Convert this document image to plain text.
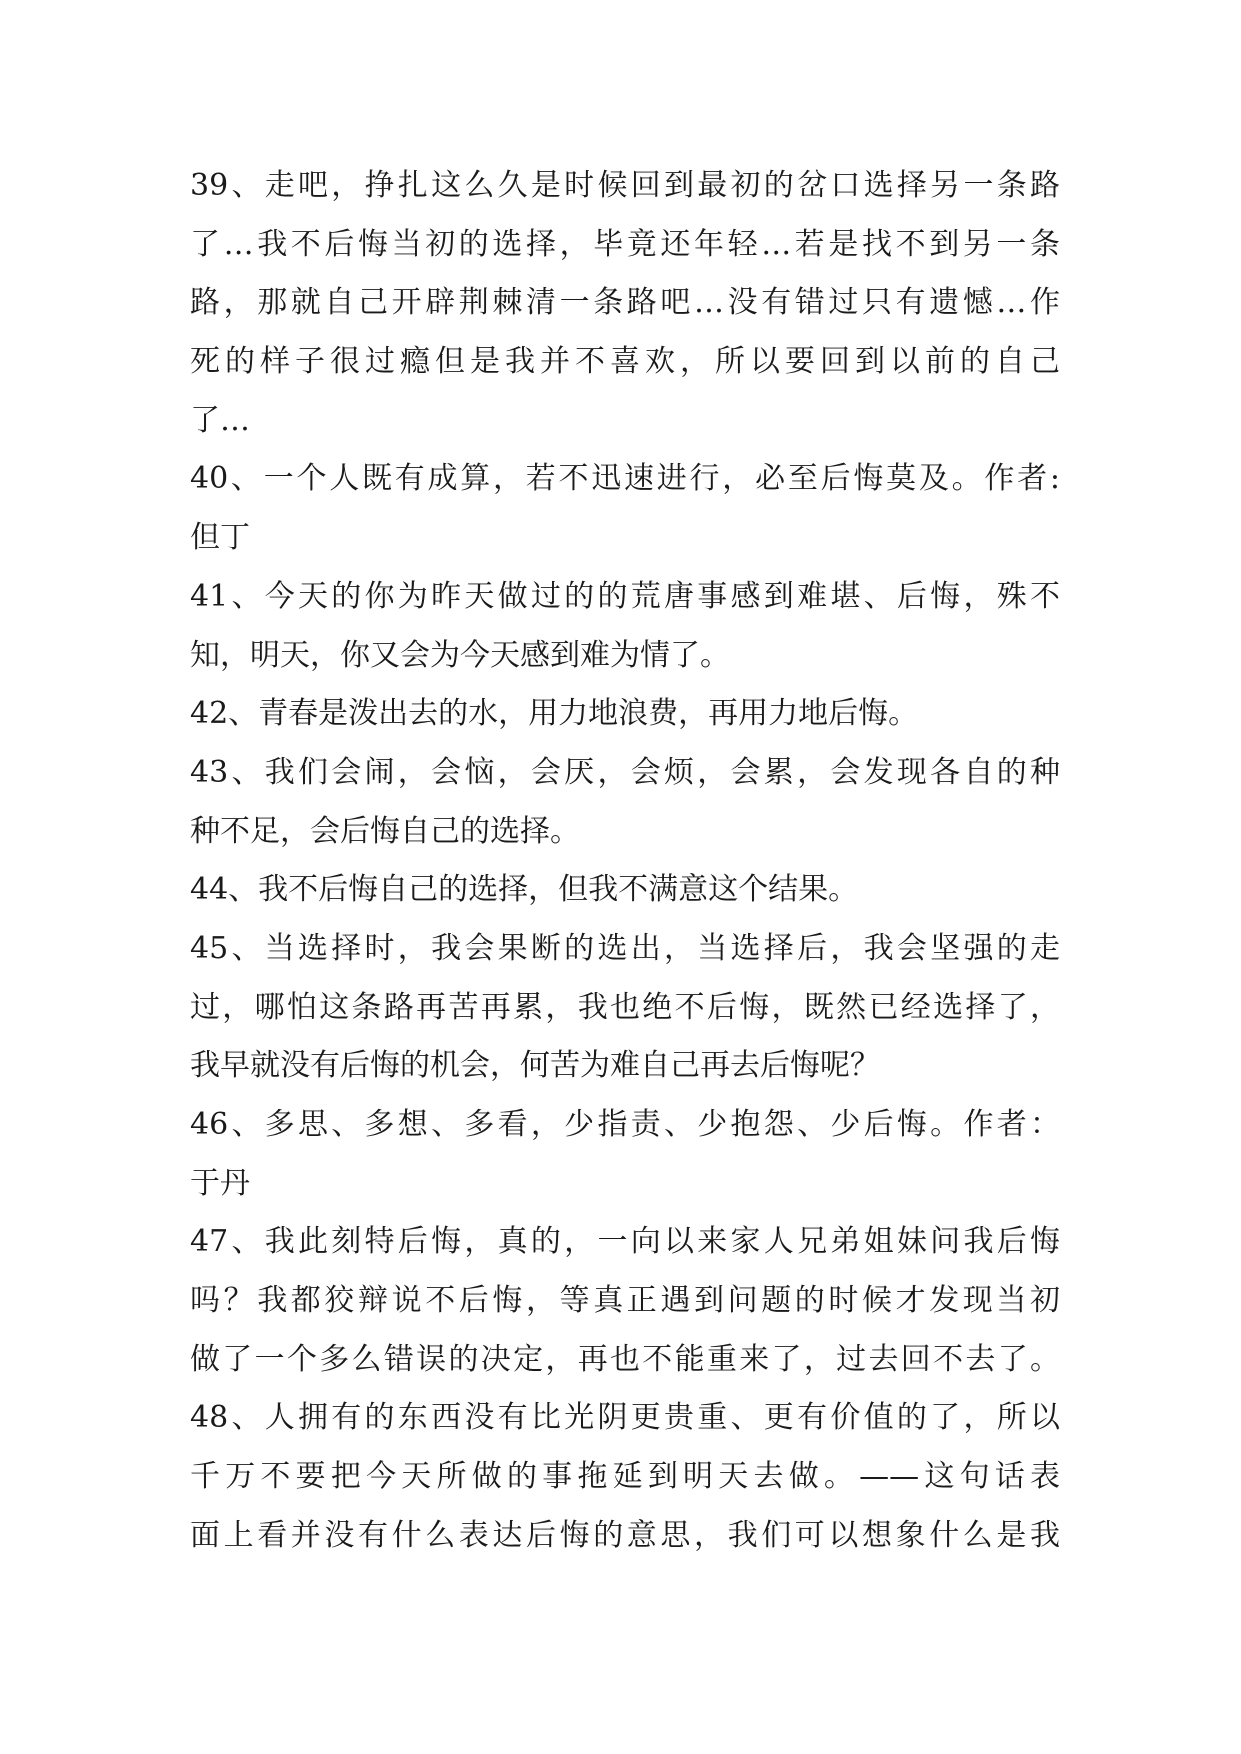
39、走吧，挣扎这么久是时候回到最初的岔口选择另一条路
了…我不后悔当初的选择，毕竟还年轻…若是找不到另一条
路，那就自己开辟荆棘清一条路吧…没有错过只有遗憾…作
死的样子很过瘾但是我并不喜欢，所以要回到以前的自己
了…
40、一个人既有成算，若不迅速进行，必至后悔莫及。作者:
但丁
41、今天的你为昨天做过的的荒唐事感到难堪、后悔，殊不
知，明天，你又会为今天感到难为情了。
42、青春是泼出去的水，用力地浪费，再用力地后悔。
43、我们会闹，会恼，会厌，会烦，会累，会发现各自的种
种不足，会后悔自己的选择。
44、我不后悔自己的选择，但我不满意这个结果。
45、当选择时，我会果断的选出，当选择后，我会坚强的走
过，哪怕这条路再苦再累，我也绝不后悔，既然已经选择了，
我早就没有后悔的机会，何苦为难自己再去后悔呢？
46、多思、多想、多看，少指责、少抱怨、少后悔。作者：
于丹
47、我此刻特后悔，真的，一向以来家人兄弟姐妹问我后悔
吗？我都狡辩说不后悔，等真正遇到问题的时候才发现当初
做了一个多么错误的决定，再也不能重来了，过去回不去了。
48、人拥有的东西没有比光阴更贵重、更有价值的了，所以
千万不要把今天所做的事拖延到明天去做。——这句话表
面上看并没有什么表达后悔的意思，我们可以想象什么是我
